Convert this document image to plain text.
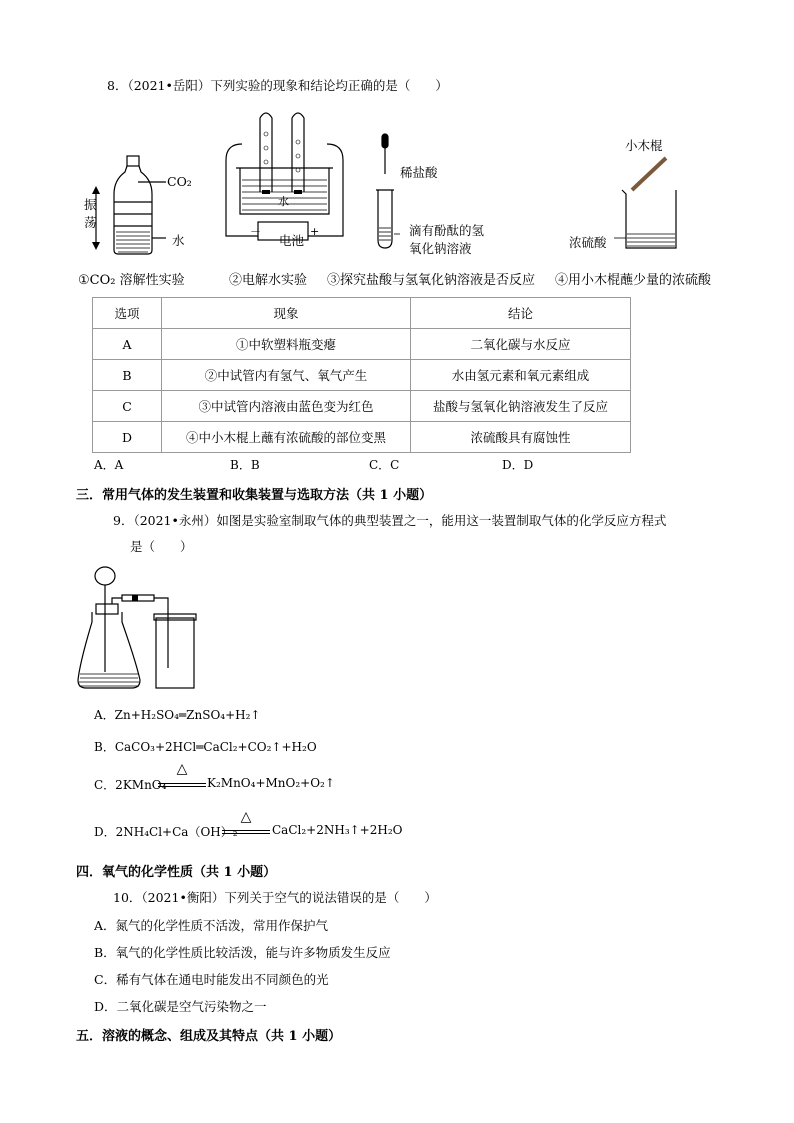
8．（2021•岳阳）下列实验的现象和结论均正确的是（　　）
CO₂
水
振荡
－	+
电池
水
稀盐酸
滴有酚酞的氢
氧化钠溶液
小木棍
浓硫酸
①CO₂ 溶解性实验	②电解水实验 ③探究盐酸与氢氧化钠溶液是否反应 ④用小木棍蘸少量的浓硫酸
选项	现象	结论
A	①中软塑料瓶变瘪	二氧化碳与水反应
B	②中试管内有氢气、氧气产生	水由氢元素和氧元素组成
C	③中试管内溶液由蓝色变为红色	盐酸与氢氧化钠溶液发生了反应
D	④中小木棍上蘸有浓硫酸的部位变黑	浓硫酸具有腐蚀性
A．A	B．B	C．C	D．D
三．常用气体的发生装置和收集装置与选取方法（共 1 小题）
9．（2021•永州）如图是实验室制取气体的典型装置之一，能用这一装置制取气体的化学反应方程式
是（　　）
A．Zn+H₂SO₄═ZnSO₄+H₂↑
B．CaCO₃+2HCl═CaCl₂+CO₂↑+H₂O
C．2KMnO₄
△
K₂MnO₄+MnO₂+O₂↑
D．2NH₄Cl+Ca（OH）₂
△
CaCl₂+2NH₃↑+2H₂O
四．氧气的化学性质（共 1 小题）
10．（2021•衡阳）下列关于空气的说法错误的是（　　）
A．氮气的化学性质不活泼，常用作保护气
B．氧气的化学性质比较活泼，能与许多物质发生反应
C．稀有气体在通电时能发出不同颜色的光
D．二氧化碳是空气污染物之一
五．溶液的概念、组成及其特点（共 1 小题）
